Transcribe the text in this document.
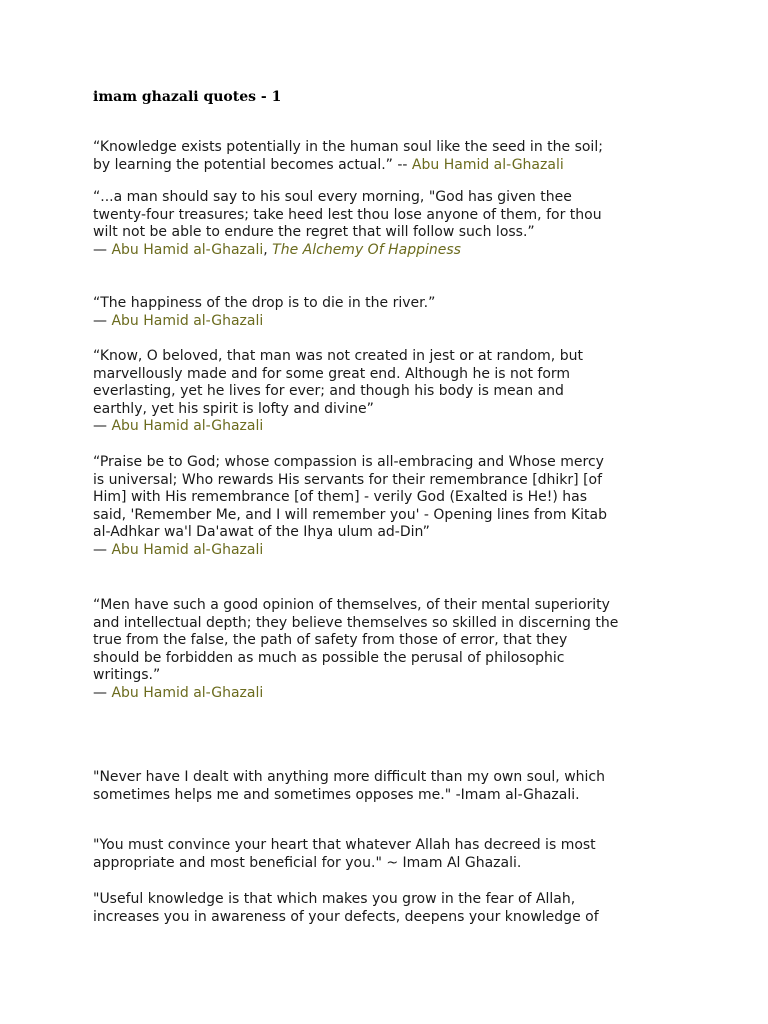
imam ghazali quotes - 1
“Knowledge exists potentially in the human soul like the seed in the soil;
by learning the potential becomes actual.” -- Abu Hamid al-Ghazali
“...a man should say to his soul every morning, "God has given thee
twenty-four treasures; take heed lest thou lose anyone of them, for thou
wilt not be able to endure the regret that will follow such loss.”
— Abu Hamid al-Ghazali, The Alchemy Of Happiness
“The happiness of the drop is to die in the river.”
— Abu Hamid al-Ghazali
“Know, O beloved, that man was not created in jest or at random, but
marvellously made and for some great end. Although he is not form
everlasting, yet he lives for ever; and though his body is mean and
earthly, yet his spirit is lofty and divine”
— Abu Hamid al-Ghazali
“Praise be to God; whose compassion is all-embracing and Whose mercy
is universal; Who rewards His servants for their remembrance [dhikr] [of
Him] with His remembrance [of them] - verily God (Exalted is He!) has
said, 'Remember Me, and I will remember you' - Opening lines from Kitab
al-Adhkar wa'l Da'awat of the Ihya ulum ad-Din”
— Abu Hamid al-Ghazali
“Men have such a good opinion of themselves, of their mental superiority
and intellectual depth; they believe themselves so skilled in discerning the
true from the false, the path of safety from those of error, that they
should be forbidden as much as possible the perusal of philosophic
writings.”
— Abu Hamid al-Ghazali
"Never have I dealt with anything more difficult than my own soul, which
sometimes helps me and sometimes opposes me." -Imam al-Ghazali.
"You must convince your heart that whatever Allah has decreed is most
appropriate and most beneficial for you." ~ Imam Al Ghazali.
"Useful knowledge is that which makes you grow in the fear of Allah,
increases you in awareness of your defects, deepens your knowledge of
